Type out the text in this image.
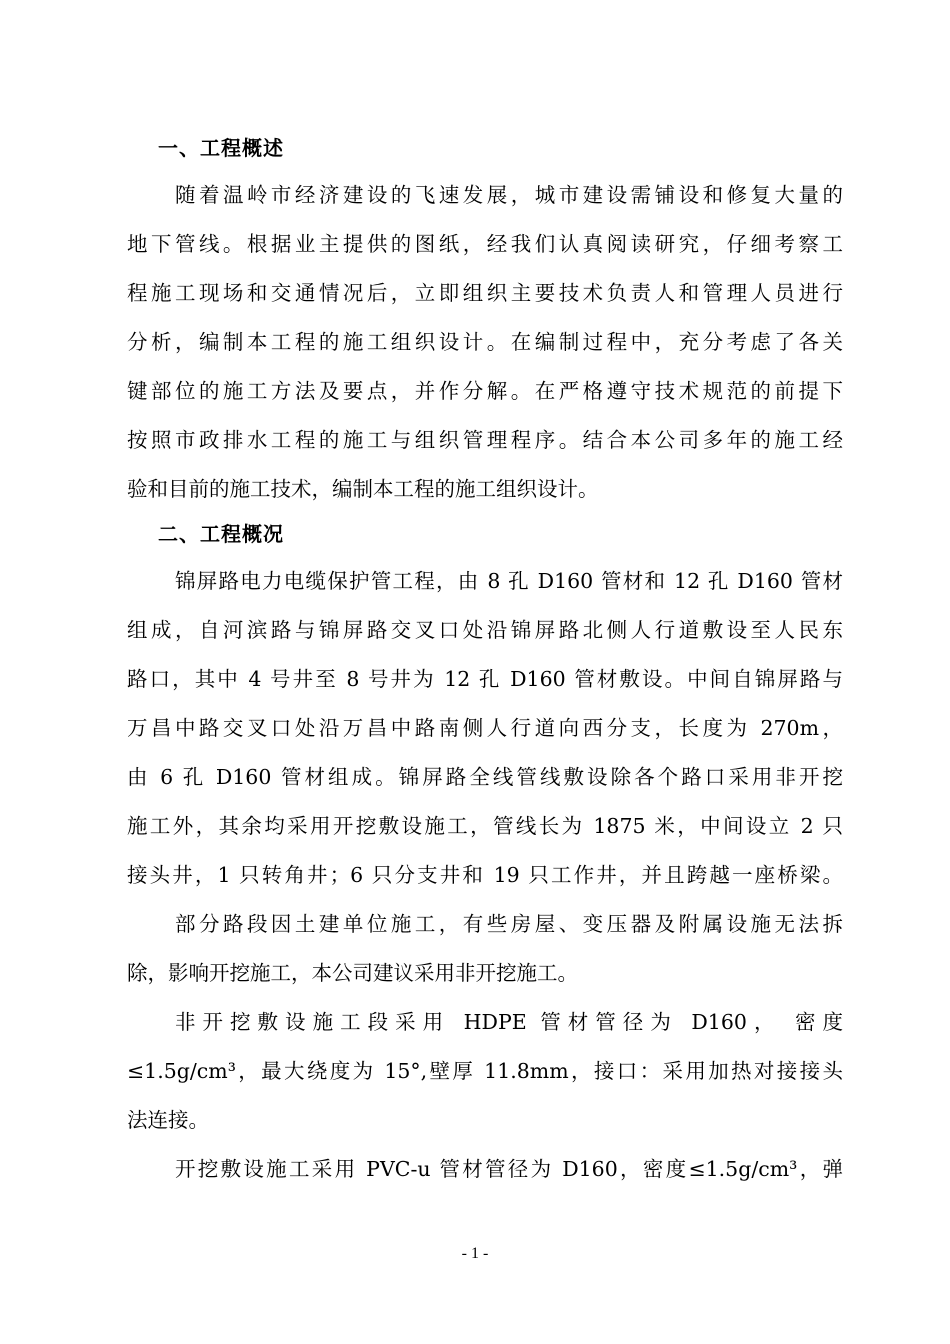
一、工程概述
随着温岭市经济建设的飞速发展，城市建设需铺设和修复大量的
地下管线。根据业主提供的图纸，经我们认真阅读研究，仔细考察工
程施工现场和交通情况后，立即组织主要技术负责人和管理人员进行
分析，编制本工程的施工组织设计。在编制过程中，充分考虑了各关
键部位的施工方法及要点，并作分解。在严格遵守技术规范的前提下
按照市政排水工程的施工与组织管理程序。结合本公司多年的施工经
验和目前的施工技术，编制本工程的施工组织设计。
二、工程概况
锦屏路电力电缆保护管工程，由 8 孔 D160 管材和 12 孔 D160 管材
组成，自河滨路与锦屏路交叉口处沿锦屏路北侧人行道敷设至人民东
路口，其中 4 号井至 8 号井为 12 孔 D160 管材敷设。中间自锦屏路与
万昌中路交叉口处沿万昌中路南侧人行道向西分支，长度为 270m，
由 6 孔 D160 管材组成。锦屏路全线管线敷设除各个路口采用非开挖
施工外，其余均采用开挖敷设施工，管线长为 1875 米，中间设立 2 只
接头井，1 只转角井；6 只分支井和 19 只工作井，并且跨越一座桥梁。
部分路段因土建单位施工，有些房屋、变压器及附属设施无法拆
除，影响开挖施工，本公司建议采用非开挖施工。
非开挖敷设施工段采用 HDPE 管材管径为 D160， 密度
≤1.5g/cm³，最大绕度为 15°,壁厚 11.8mm，接口：采用加热对接接头
法连接。
开挖敷设施工采用 PVC-u 管材管径为 D160，密度≤1.5g/cm³，弹
- 1 -
